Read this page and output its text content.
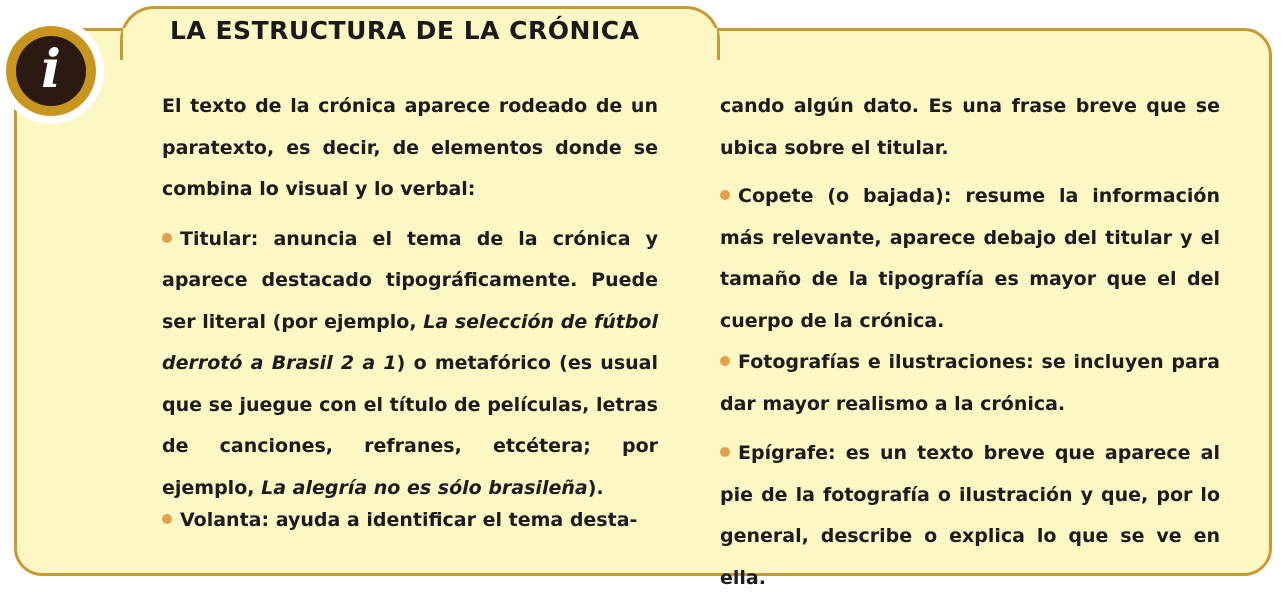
LA ESTRUCTURA DE LA CRÓNICA
i

El texto de la crónica aparece rodeado de un paratexto, es decir, de elementos donde se combina lo visual y lo verbal:

Titular: anuncia el tema de la crónica y aparece destacado tipográficamente. Puede ser literal (por ejemplo, La selección de fútbol derrotó a Brasil 2 a 1) o metafórico (es usual que se juegue con el título de películas, letras de canciones, refranes, etcétera; por ejemplo, La alegría no es sólo brasileña).

cando algún dato. Es una frase breve que se ubica sobre el titular.

Volanta: ayuda a identificar el tema desta-

Copete (o bajada): resume la información más relevante, aparece debajo del titular y el tamaño de la tipografía es mayor que el del cuerpo de la crónica.

Fotografías e ilustraciones: se incluyen para dar mayor realismo a la crónica.

Epígrafe: es un texto breve que aparece al pie de la fotografía o ilustración y que, por lo general, describe o explica lo que se ve en ella.
